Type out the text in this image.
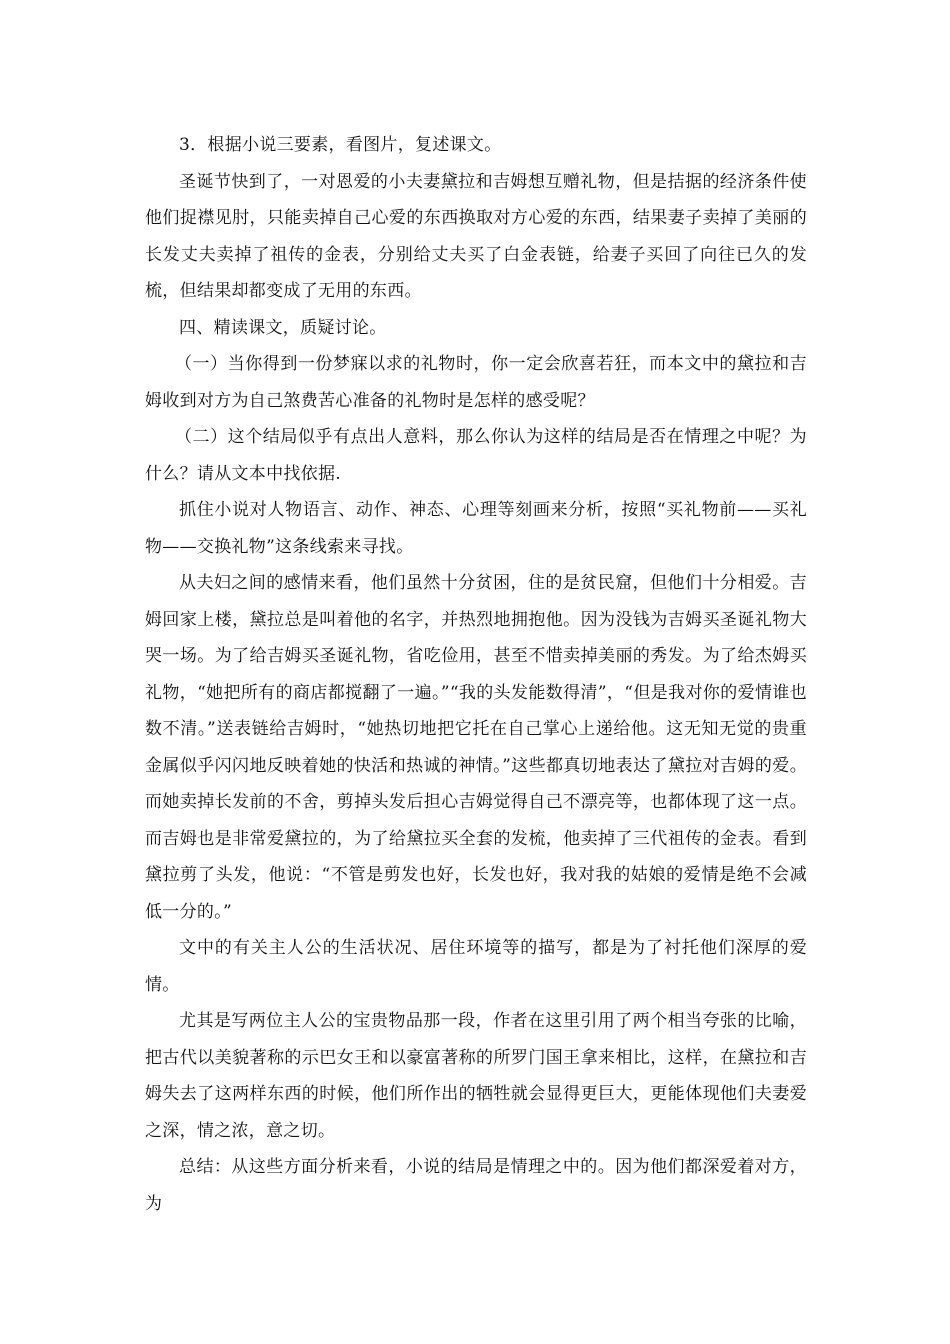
3．根据小说三要素，看图片，复述课文。

圣诞节快到了，一对恩爱的小夫妻黛拉和吉姆想互赠礼物，但是拮据的经济条件使他们捉襟见肘，只能卖掉自己心爱的东西换取对方心爱的东西，结果妻子卖掉了美丽的长发丈夫卖掉了祖传的金表，分别给丈夫买了白金表链，给妻子买回了向往已久的发梳，但结果却都变成了无用的东西。

四、精读课文，质疑讨论。

（一）当你得到一份梦寐以求的礼物时，你一定会欣喜若狂，而本文中的黛拉和吉姆收到对方为自己煞费苦心准备的礼物时是怎样的感受呢？

（二）这个结局似乎有点出人意料，那么你认为这样的结局是否在情理之中呢？为什么？请从文本中找依据.

抓住小说对人物语言、动作、神态、心理等刻画来分析，按照“买礼物前——买礼物——交换礼物”这条线索来寻找。

从夫妇之间的感情来看，他们虽然十分贫困，住的是贫民窟，但他们十分相爱。吉姆回家上楼，黛拉总是叫着他的名字，并热烈地拥抱他。因为没钱为吉姆买圣诞礼物大哭一场。为了给吉姆买圣诞礼物，省吃俭用，甚至不惜卖掉美丽的秀发。为了给杰姆买礼物，“她把所有的商店都搅翻了一遍。”“我的头发能数得清”，“但是我对你的爱情谁也数不清。”送表链给吉姆时，“她热切地把它托在自己掌心上递给他。这无知无觉的贵重金属似乎闪闪地反映着她的快活和热诚的神情。”这些都真切地表达了黛拉对吉姆的爱。而她卖掉长发前的不舍，剪掉头发后担心吉姆觉得自己不漂亮等，也都体现了这一点。而吉姆也是非常爱黛拉的，为了给黛拉买全套的发梳，他卖掉了三代祖传的金表。看到黛拉剪了头发，他说：“不管是剪发也好，长发也好，我对我的姑娘的爱情是绝不会减低一分的。”

文中的有关主人公的生活状况、居住环境等的描写，都是为了衬托他们深厚的爱情。

尤其是写两位主人公的宝贵物品那一段，作者在这里引用了两个相当夸张的比喻，把古代以美貌著称的示巴女王和以豪富著称的所罗门国王拿来相比，这样，在黛拉和吉姆失去了这两样东西的时候，他们所作出的牺牲就会显得更巨大，更能体现他们夫妻爱之深，情之浓，意之切。

总结：从这些方面分析来看，小说的结局是情理之中的。因为他们都深爱着对方，为
